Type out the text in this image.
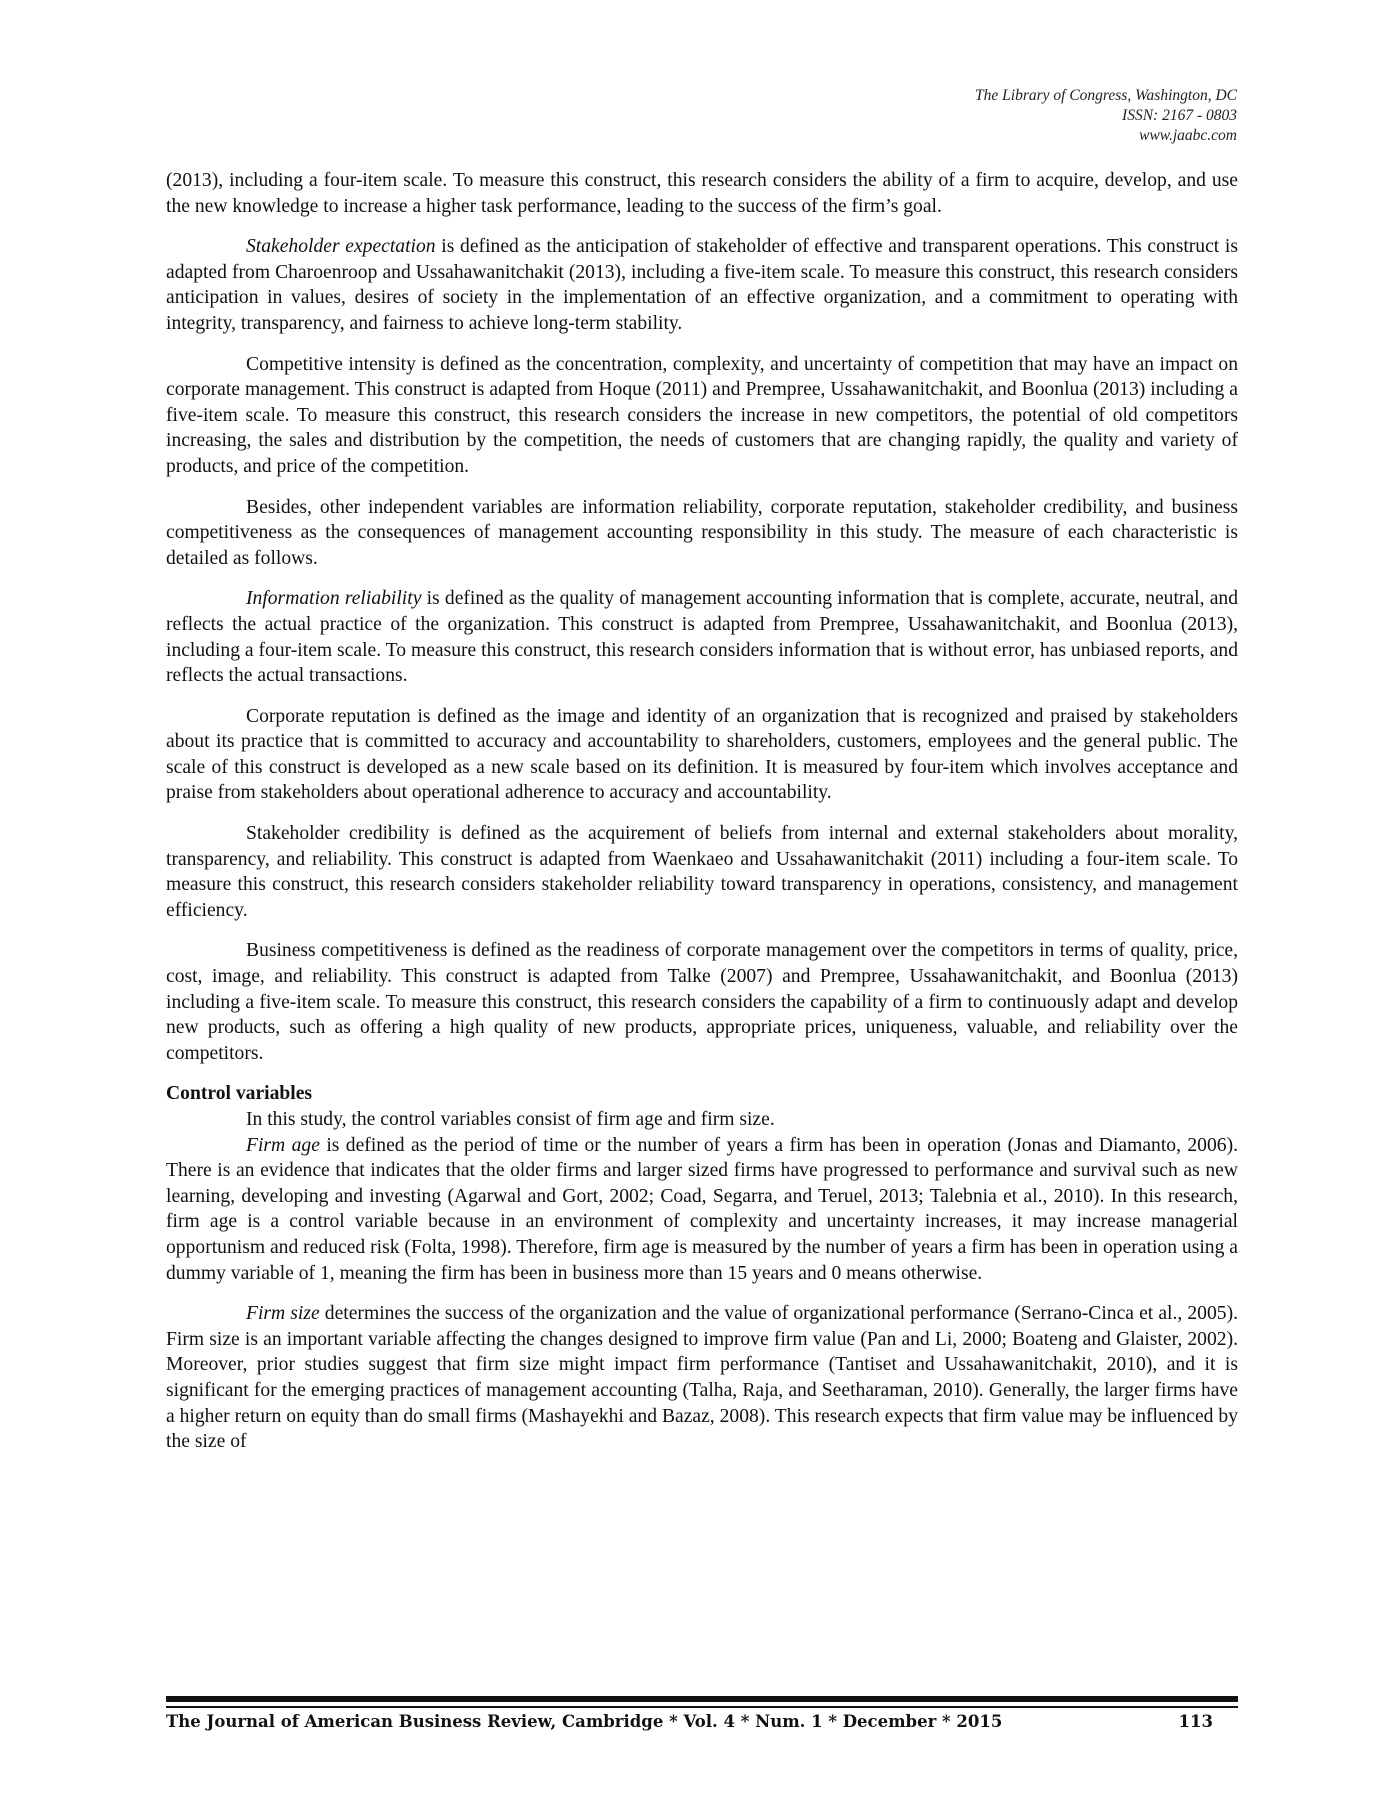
The Library of Congress, Washington, DC
ISSN: 2167 - 0803
www.jaabc.com

(2013), including a four-item scale. To measure this construct, this research considers the ability of a firm to acquire, develop, and use the new knowledge to increase a higher task performance, leading to the success of the firm’s goal.

Stakeholder expectation is defined as the anticipation of stakeholder of effective and transparent operations. This construct is adapted from Charoenroop and Ussahawanitchakit (2013), including a five-item scale. To measure this construct, this research considers anticipation in values, desires of society in the implementation of an effective organization, and a commitment to operating with integrity, transparency, and fairness to achieve long-term stability.

Competitive intensity is defined as the concentration, complexity, and uncertainty of competition that may have an impact on corporate management. This construct is adapted from Hoque (2011) and Prempree, Ussahawanitchakit, and Boonlua (2013) including a five-item scale. To measure this construct, this research considers the increase in new competitors, the potential of old competitors increasing, the sales and distribution by the competition, the needs of customers that are changing rapidly, the quality and variety of products, and price of the competition.

Besides, other independent variables are information reliability, corporate reputation, stakeholder credibility, and business competitiveness as the consequences of management accounting responsibility in this study. The measure of each characteristic is detailed as follows.

Information reliability is defined as the quality of management accounting information that is complete, accurate, neutral, and reflects the actual practice of the organization. This construct is adapted from Prempree, Ussahawanitchakit, and Boonlua (2013), including a four-item scale. To measure this construct, this research considers information that is without error, has unbiased reports, and reflects the actual transactions.

Corporate reputation is defined as the image and identity of an organization that is recognized and praised by stakeholders about its practice that is committed to accuracy and accountability to shareholders, customers, employees and the general public. The scale of this construct is developed as a new scale based on its definition. It is measured by four-item which involves acceptance and praise from stakeholders about operational adherence to accuracy and accountability.

Stakeholder credibility is defined as the acquirement of beliefs from internal and external stakeholders about morality, transparency, and reliability. This construct is adapted from Waenkaeo and Ussahawanitchakit (2011) including a four-item scale. To measure this construct, this research considers stakeholder reliability toward transparency in operations, consistency, and management efficiency.

Business competitiveness is defined as the readiness of corporate management over the competitors in terms of quality, price, cost, image, and reliability. This construct is adapted from Talke (2007) and Prempree, Ussahawanitchakit, and Boonlua (2013) including a five-item scale. To measure this construct, this research considers the capability of a firm to continuously adapt and develop new products, such as offering a high quality of new products, appropriate prices, uniqueness, valuable, and reliability over the competitors.

Control variables

In this study, the control variables consist of firm age and firm size.

Firm age is defined as the period of time or the number of years a firm has been in operation (Jonas and Diamanto, 2006). There is an evidence that indicates that the older firms and larger sized firms have progressed to performance and survival such as new learning, developing and investing (Agarwal and Gort, 2002; Coad, Segarra, and Teruel, 2013; Talebnia et al., 2010). In this research, firm age is a control variable because in an environment of complexity and uncertainty increases, it may increase managerial opportunism and reduced risk (Folta, 1998). Therefore, firm age is measured by the number of years a firm has been in operation using a dummy variable of 1, meaning the firm has been in business more than 15 years and 0 means otherwise.

Firm size determines the success of the organization and the value of organizational performance (Serrano-Cinca et al., 2005). Firm size is an important variable affecting the changes designed to improve firm value (Pan and Li, 2000; Boateng and Glaister, 2002). Moreover, prior studies suggest that firm size might impact firm performance (Tantiset and Ussahawanitchakit, 2010), and it is significant for the emerging practices of management accounting (Talha, Raja, and Seetharaman, 2010). Generally, the larger firms have a higher return on equity than do small firms (Mashayekhi and Bazaz, 2008). This research expects that firm value may be influenced by the size of

The Journal of American Business Review, Cambridge * Vol. 4 * Num. 1 * December * 2015	113
